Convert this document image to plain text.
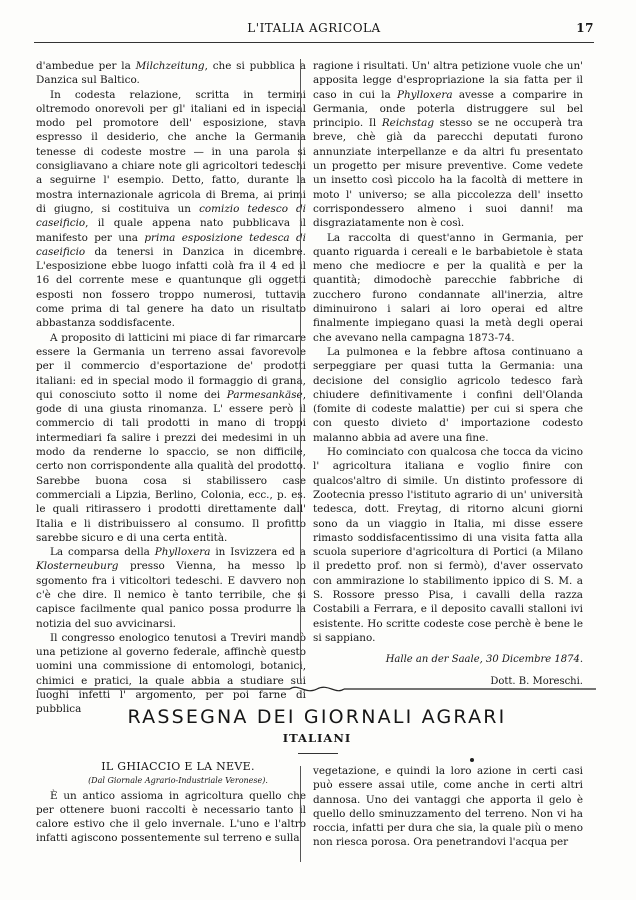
L'ITALIA AGRICOLA	17

d'ambedue per la Milchzeitung, che si pubblica a Danzica sul Baltico.

In codesta relazione, scritta in termini oltremodo onorevoli per gl' italiani ed in ispecial modo pel promotore dell' esposizione, stava espresso il desiderio, che anche la Germania tenesse di codeste mostre — in una parola si consigliavano a chiare note gli agricoltori tedeschi a seguirne l' esempio. Detto, fatto, durante la mostra internazionale agricola di Brema, ai primi di giugno, si costituiva un comizio tedesco di caseificio, il quale appena nato pubblicava il manifesto per una prima esposizione tedesca di caseificio da tenersi in Danzica in dicembre. L'esposizione ebbe luogo infatti colà fra il 4 ed il 16 del corrente mese e quantunque gli oggetti esposti non fossero troppo numerosi, tuttavia come prima di tal genere ha dato un risultato abbastanza soddisfacente.

A proposito di latticini mi piace di far rimarcare essere la Germania un terreno assai favorevole per il commercio d'esportazione de' prodotti italiani: ed in special modo il formaggio di grana, qui conosciuto sotto il nome dei Parmesankäse, gode di una giusta rinomanza. L' essere però il commercio di tali prodotti in mano di troppi intermediari fa salire i prezzi dei medesimi in un modo da renderne lo spaccio, se non difficile, certo non corrispondente alla qualità del prodotto. Sarebbe buona cosa si stabilissero case commerciali a Lipzia, Berlino, Colonia, ecc., p. es. le quali ritirassero i prodotti direttamente dall' Italia e li distribuissero al consumo. Il profitto sarebbe sicuro e di una certa entità.

La comparsa della Phylloxera in Isvizzera ed a Klosterneuburg presso Vienna, ha messo lo sgomento fra i viticoltori tedeschi. E davvero non c'è che dire. Il nemico è tanto terribile, che si capisce facilmente qual panico possa produrre la notizia del suo avvicinarsi.

Il congresso enologico tenutosi a Treviri mandò una petizione al governo federale, affinchè questo uomini una commissione di entomologi, botanici, chimici e pratici, la quale abbia a studiare sui luoghi infetti l' argomento, per poi farne di pubblica

ragione i risultati. Un' altra petizione vuole che un' apposita legge d'espropriazione la sia fatta per il caso in cui la Phylloxera avesse a comparire in Germania, onde poterla distruggere sul bel principio. Il Reichstag stesso se ne occuperà tra breve, chè già da parecchi deputati furono annunziate interpellanze e da altri fu presentato un progetto per misure preventive. Come vedete un insetto così piccolo ha la facoltà di mettere in moto l' universo; se alla piccolezza dell' insetto corrispondessero almeno i suoi danni! ma disgraziatamente non è così.

La raccolta di quest'anno in Germania, per quanto riguarda i cereali e le barbabietole è stata meno che mediocre e per la qualità e per la quantità; dimodochè parecchie fabbriche di zucchero furono condannate all'inerzia, altre diminuirono i salari ai loro operai ed altre finalmente impiegano quasi la metà degli operai che avevano nella campagna 1873-74.

La pulmonea e la febbre aftosa continuano a serpeggiare per quasi tutta la Germania: una decisione del consiglio agricolo tedesco farà chiudere definitivamente i confini dell'Olanda (fomite di codeste malattie) per cui si spera che con questo divieto d' importazione codesto malanno abbia ad avere una fine.

Ho cominciato con qualcosa che tocca da vicino l' agricoltura italiana e voglio finire con qualcos'altro di simile. Un distinto professore di Zootecnia presso l'istituto agrario di un' università tedesca, dott. Freytag, di ritorno alcuni giorni sono da un viaggio in Italia, mi disse essere rimasto soddisfacentissimo di una visita fatta alla scuola superiore d'agricoltura di Portici (a Milano il predetto prof. non si fermò), d'aver osservato con ammirazione lo stabilimento ippico di S. M. a S. Rossore presso Pisa, i cavalli della razza Costabili a Ferrara, e il deposito cavalli stalloni ivi esistente. Ho scritte codeste cose perchè è bene le si sappiano.

Halle an der Saale, 30 Dicembre 1874.
Dott. B. Moreschi.
RASSEGNA DEI GIORNALI AGRARI
ITALIANI

IL GHIACCIO E LA NEVE.

(Dal Giornale Agrario-Industriale Veronese).

È un antico assioma in agricoltura quello che per ottenere buoni raccolti è necessario tanto il calore estivo che il gelo invernale. L'uno e l'altro infatti agiscono possentemente sul terreno e sulla

vegetazione, e quindi la loro azione in certi casi può essere assai utile, come anche in certi altri dannosa. Uno dei vantaggi che apporta il gelo è quello dello sminuzzamento del terreno. Non vi ha roccia, infatti per dura che sia, la quale più o meno non riesca porosa. Ora penetrandovi l'acqua per
